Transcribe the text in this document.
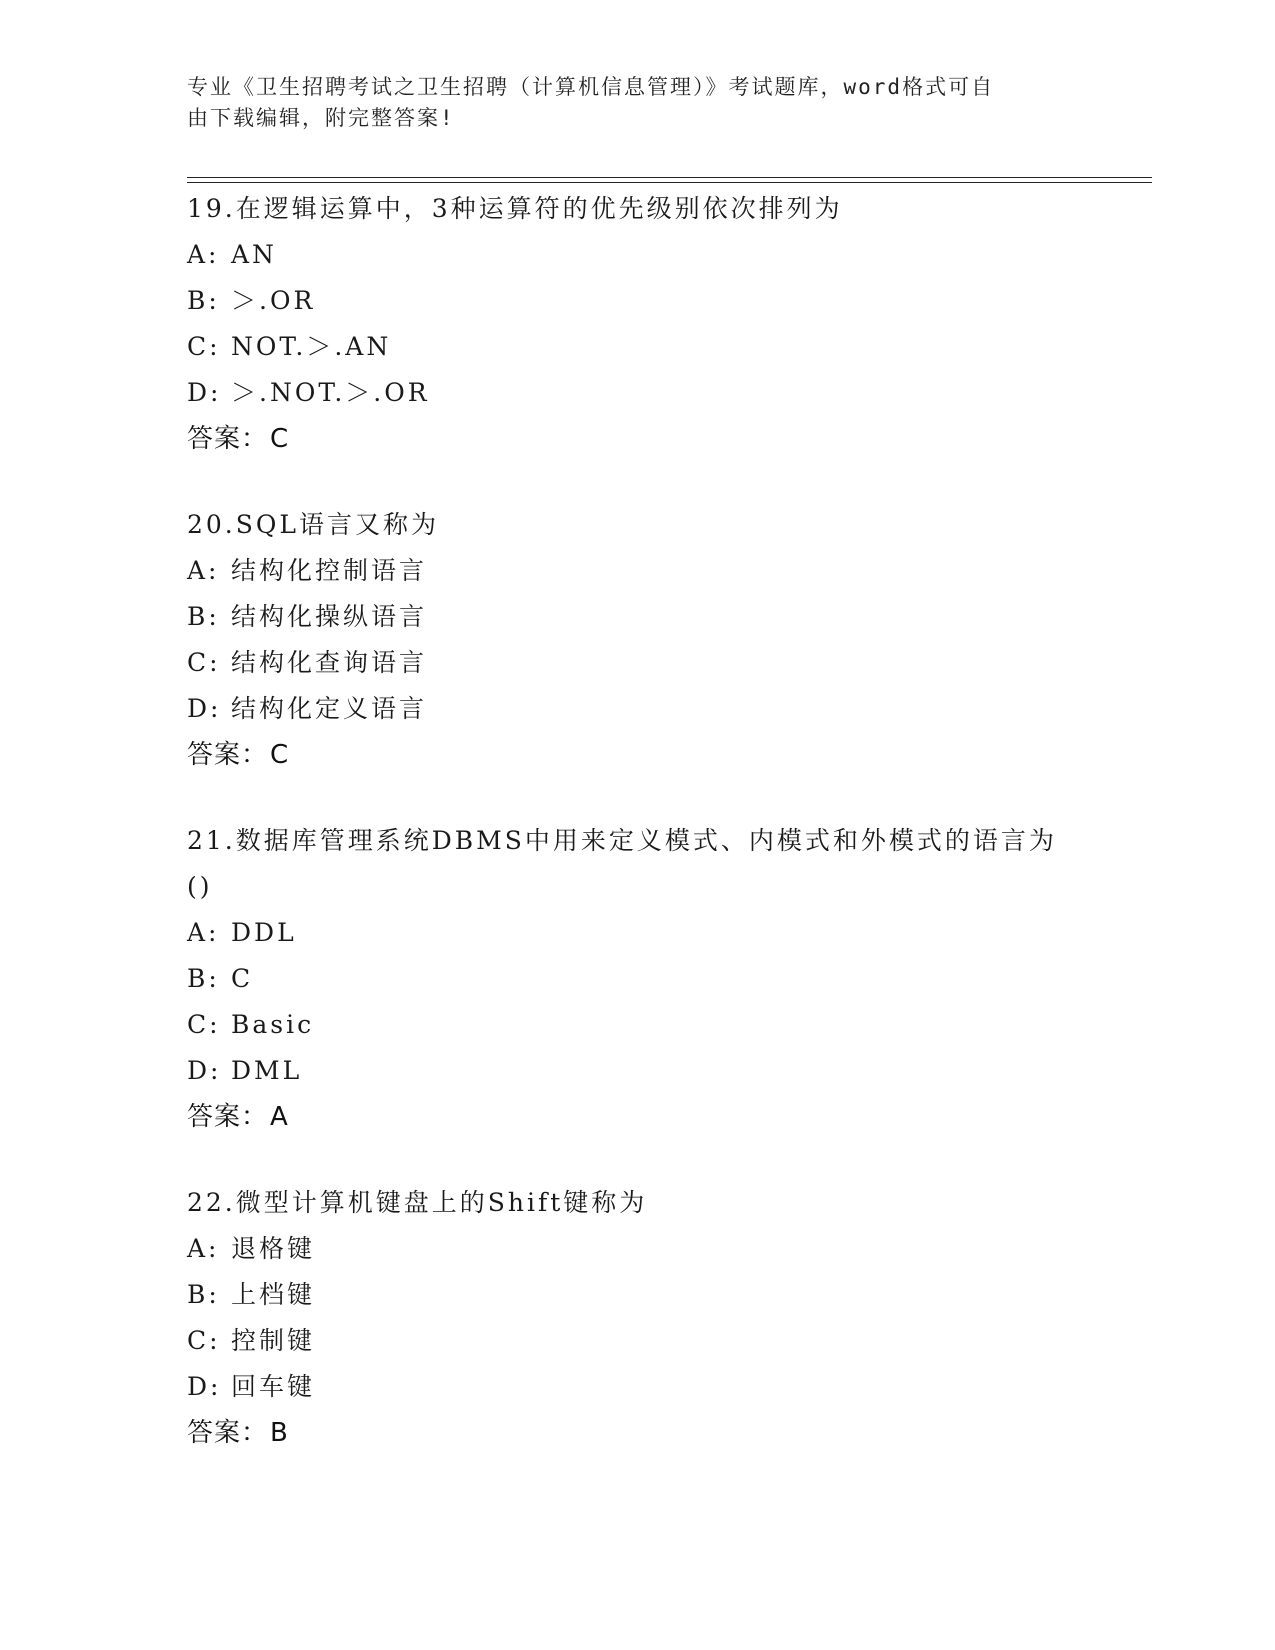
专业《卫生招聘考试之卫生招聘（计算机信息管理）》考试题库，word格式可自
由下载编辑，附完整答案!
19.在逻辑运算中，3种运算符的优先级别依次排列为
A: AN
B: ＞.OR
C: NOT.＞.AN
D: ＞.NOT.＞.OR
答案：C
20.SQL语言又称为
A: 结构化控制语言
B: 结构化操纵语言
C: 结构化查询语言
D: 结构化定义语言
答案：C
21.数据库管理系统DBMS中用来定义模式、内模式和外模式的语言为
()
A: DDL
B: C
C: Basic
D: DML
答案：A
22.微型计算机键盘上的Shift键称为
A: 退格键
B: 上档键
C: 控制键
D: 回车键
答案：B
